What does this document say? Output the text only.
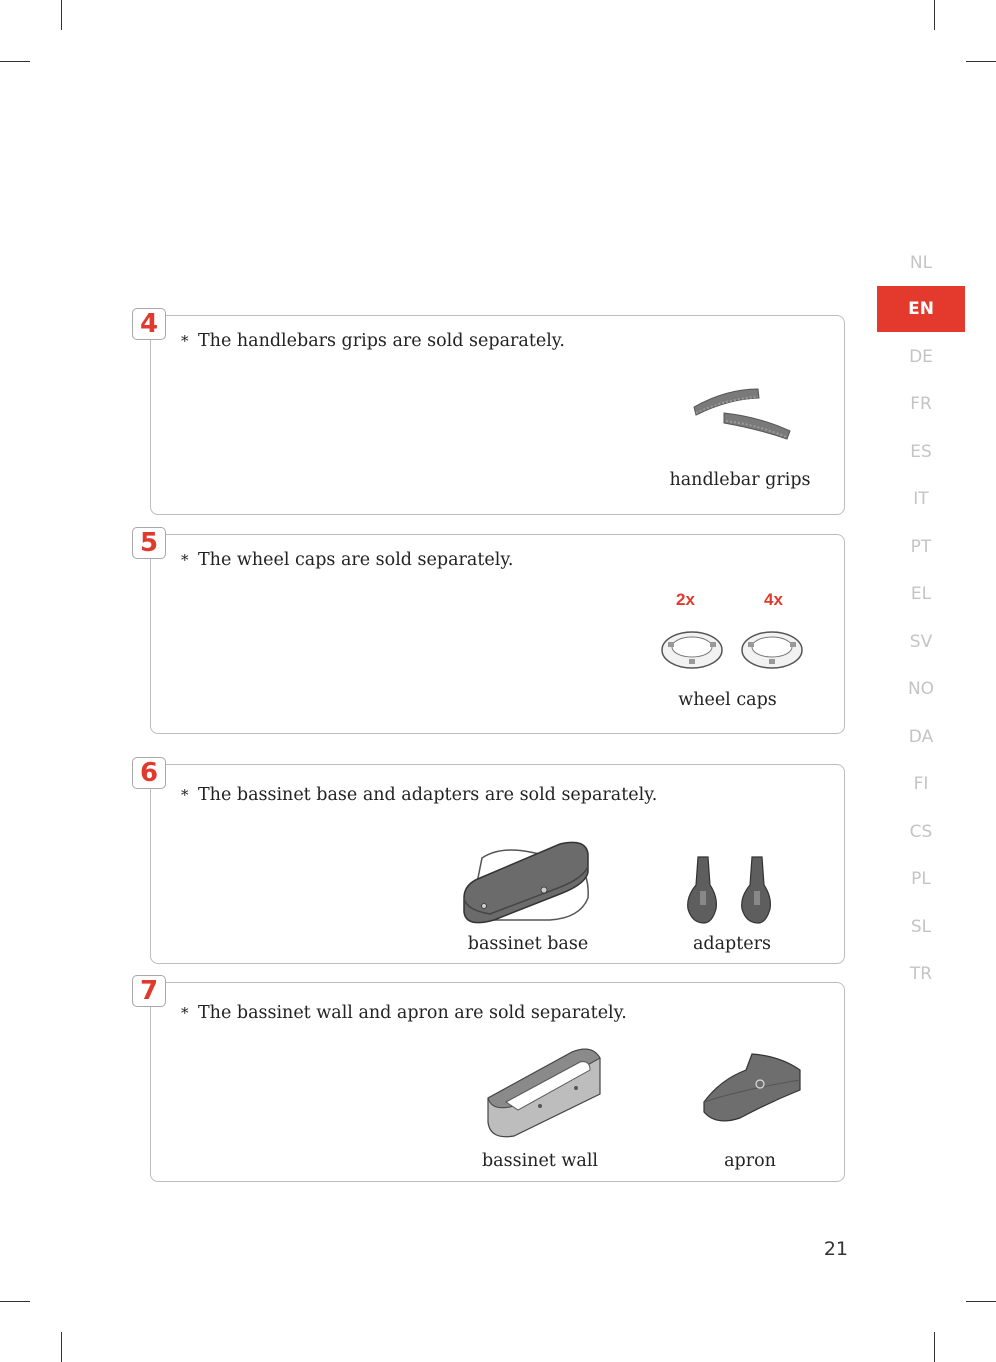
NL
EN
DE
FR
ES
IT
PT
EL
SV
NO
DA
FI
CS
PL
SL
TR
4
* The handlebars grips are sold separately.
handlebar grips
5
* The wheel caps are sold separately.
2x	4x
wheel caps
6
* The bassinet base and adapters are sold separately.
bassinet base	adapters
7
* The bassinet wall and apron are sold separately.
bassinet wall	apron
21
